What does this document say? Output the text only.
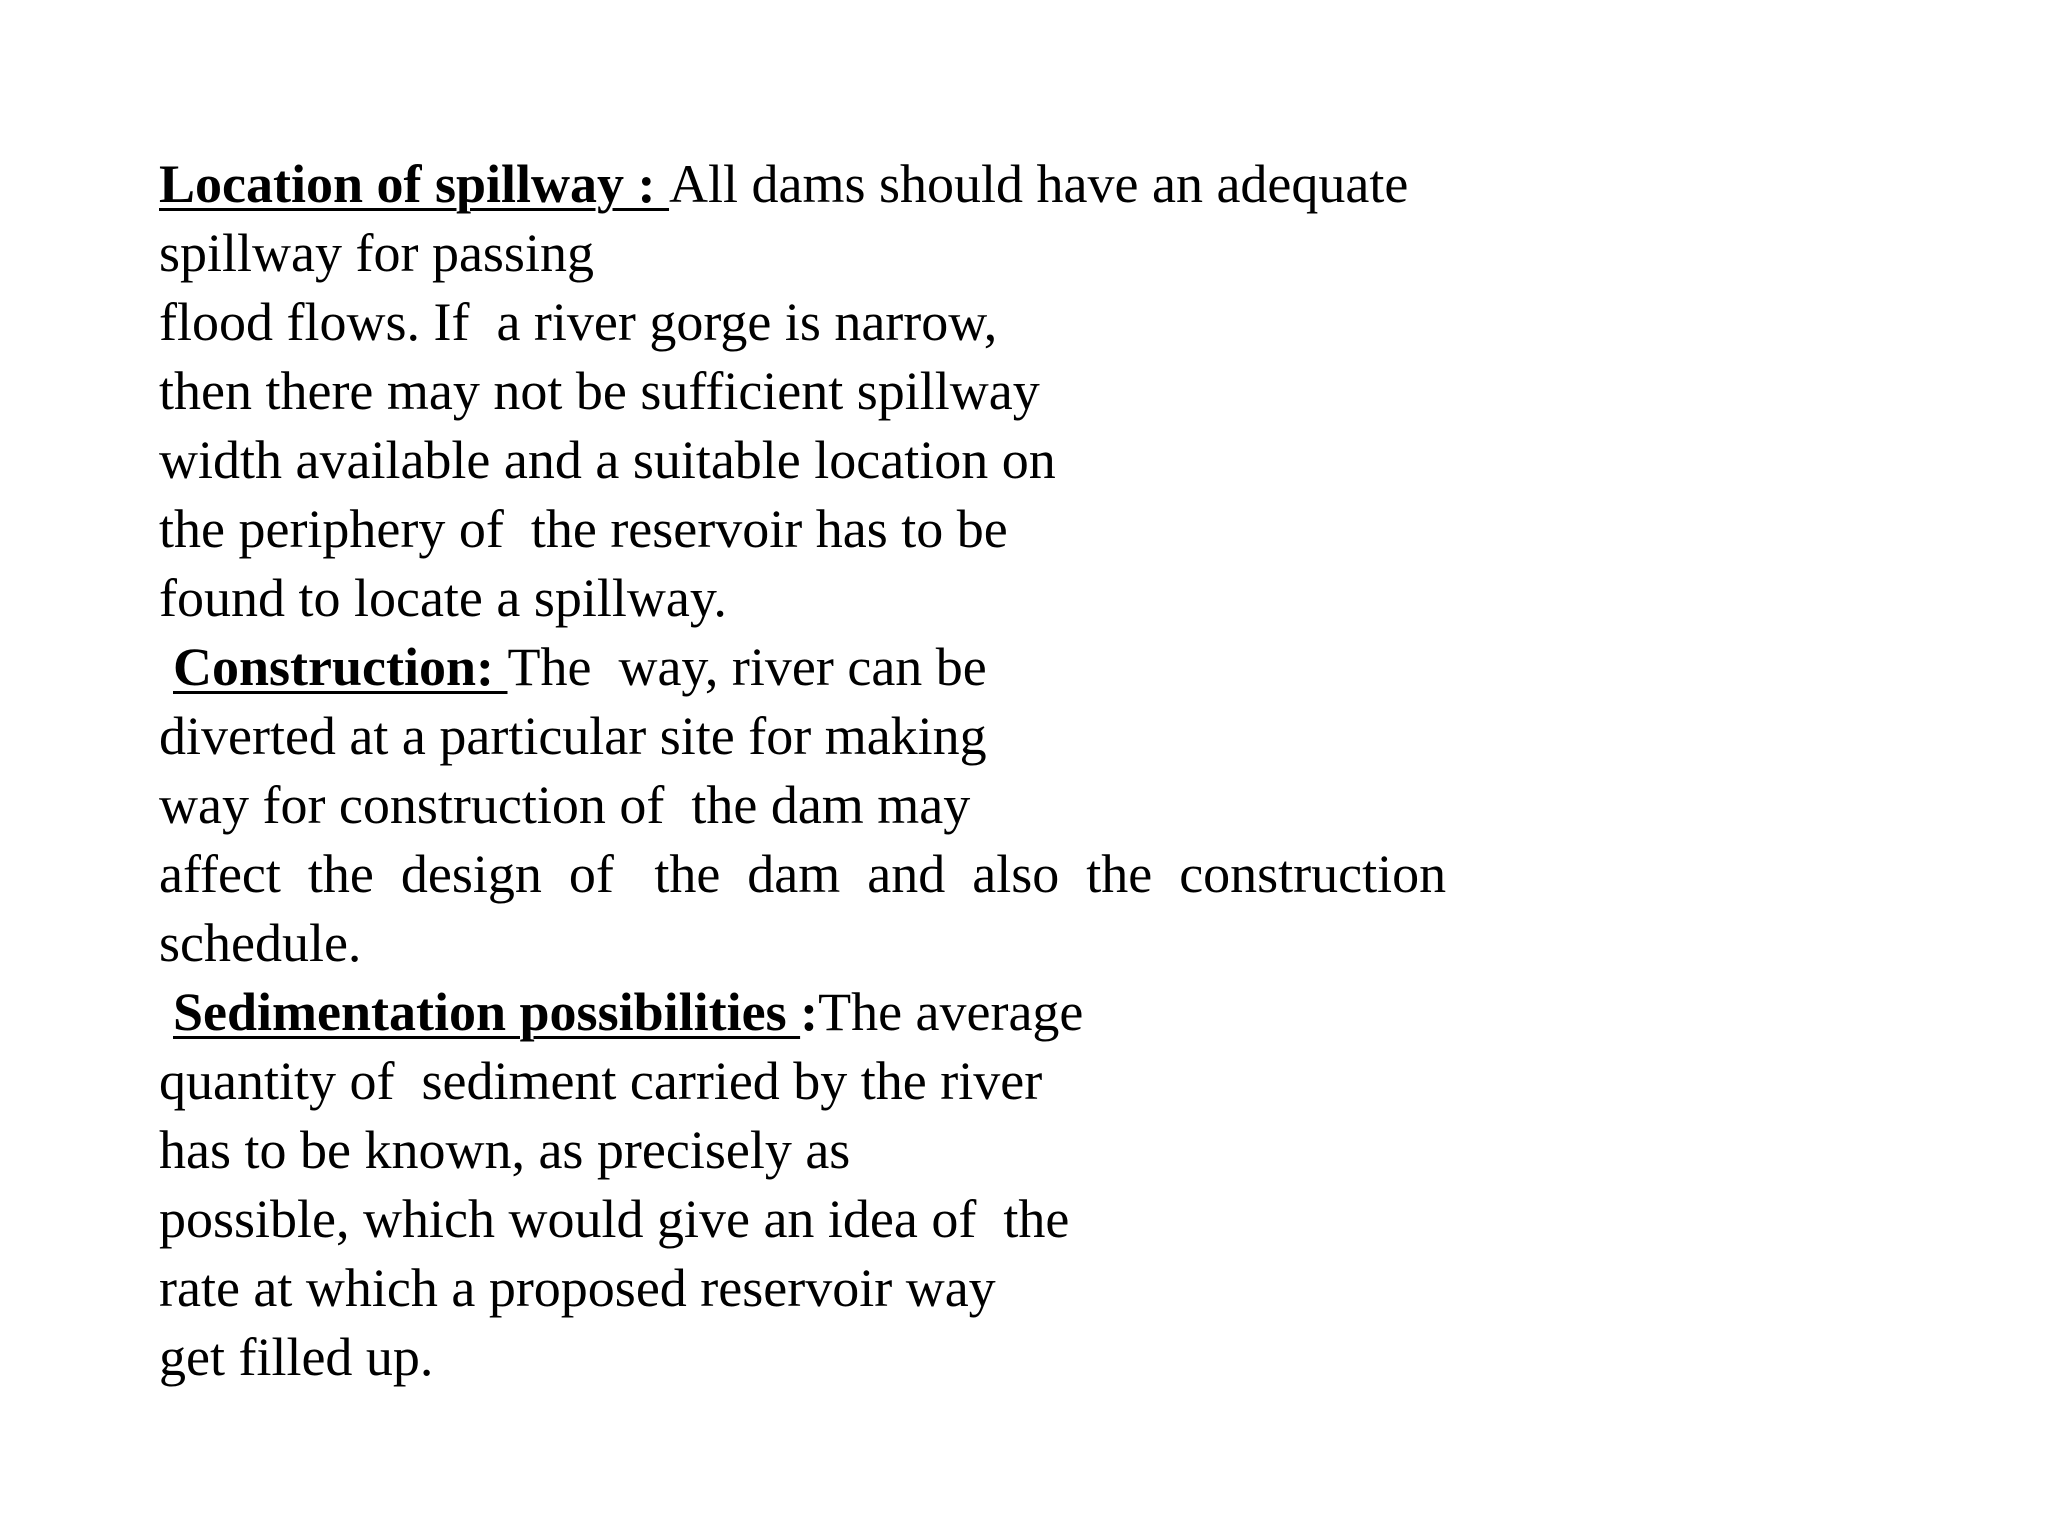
Location of spillway : All dams should have an adequate
spillway for passing
flood flows. If  a river gorge is narrow,
then there may not be sufficient spillway
width available and a suitable location on
the periphery of  the reservoir has to be
found to locate a spillway.
Construction: The  way, river can be
diverted at a particular site for making
way for construction of  the dam may
affect  the  design  of   the  dam  and  also  the  construction
schedule.
Sedimentation possibilities :The average
quantity of  sediment carried by the river
has to be known, as precisely as
possible, which would give an idea of  the
rate at which a proposed reservoir way
get filled up.
